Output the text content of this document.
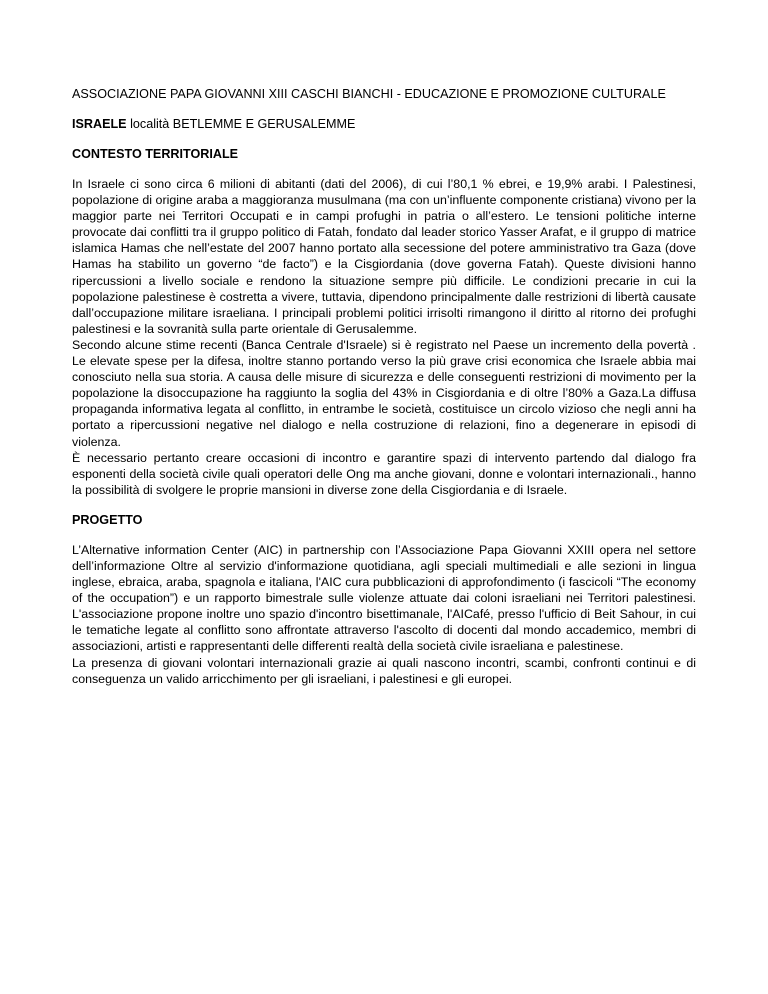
ASSOCIAZIONE PAPA GIOVANNI XIII CASCHI BIANCHI - EDUCAZIONE E PROMOZIONE CULTURALE

ISRAELE località BETLEMME E GERUSALEMME

CONTESTO TERRITORIALE

In Israele ci sono circa 6 milioni di abitanti (dati del 2006), di cui l’80,1 % ebrei, e 19,9% arabi. I Palestinesi, popolazione di origine araba a maggioranza musulmana (ma con un’influente componente cristiana) vivono per la maggior parte nei Territori Occupati e in campi profughi in patria o all’estero. Le tensioni politiche interne provocate dai conflitti tra il gruppo politico di Fatah, fondato dal leader storico Yasser Arafat, e il gruppo di matrice islamica Hamas che nell’estate del 2007 hanno portato alla secessione del potere amministrativo tra Gaza (dove Hamas ha stabilito un governo “de facto”) e la Cisgiordania (dove governa Fatah). Queste divisioni hanno ripercussioni a livello sociale e rendono la situazione sempre più difficile. Le condizioni precarie in cui la popolazione palestinese è costretta a vivere, tuttavia, dipendono principalmente dalle restrizioni di libertà causate dall’occupazione militare israeliana. I principali problemi politici irrisolti rimangono il diritto al ritorno dei profughi palestinesi e la sovranità sulla parte orientale di Gerusalemme.

Secondo alcune stime recenti (Banca Centrale d'Israele) si è registrato nel Paese un incremento della povertà . Le elevate spese per la difesa, inoltre stanno portando verso la più grave crisi economica che Israele abbia mai conosciuto nella sua storia. A causa delle misure di sicurezza e delle conseguenti restrizioni di movimento per la popolazione la disoccupazione ha raggiunto la soglia del 43% in Cisgiordania e di oltre l’80% a Gaza.La diffusa propaganda informativa legata al conflitto, in entrambe le società, costituisce un circolo vizioso che negli anni ha portato a ripercussioni negative nel dialogo e nella costruzione di relazioni, fino a degenerare in episodi di violenza.

È necessario pertanto creare occasioni di incontro e garantire spazi di intervento partendo dal dialogo fra esponenti della società civile quali operatori delle Ong ma anche giovani, donne e volontari internazionali., hanno la possibilità di svolgere le proprie mansioni in diverse zone della Cisgiordania e di Israele.

PROGETTO

L’Alternative information Center (AIC) in partnership con l’Associazione Papa Giovanni XXIII opera nel settore dell’informazione Oltre al servizio d'informazione quotidiana, agli speciali multimediali e alle sezioni in lingua inglese, ebraica, araba, spagnola e italiana, l'AIC cura pubblicazioni di approfondimento (i fascicoli “The economy of the occupation”) e un rapporto bimestrale sulle violenze attuate dai coloni israeliani nei Territori palestinesi. L'associazione propone inoltre uno spazio d'incontro bisettimanale, l'AICafé, presso l'ufficio di Beit Sahour, in cui le tematiche legate al conflitto sono affrontate attraverso l'ascolto di docenti dal mondo accademico, membri di associazioni, artisti e rappresentanti delle differenti realtà della società civile israeliana e palestinese.

La presenza di giovani volontari internazionali grazie ai quali nascono incontri, scambi, confronti continui e di conseguenza un valido arricchimento per gli israeliani, i palestinesi e gli europei.
